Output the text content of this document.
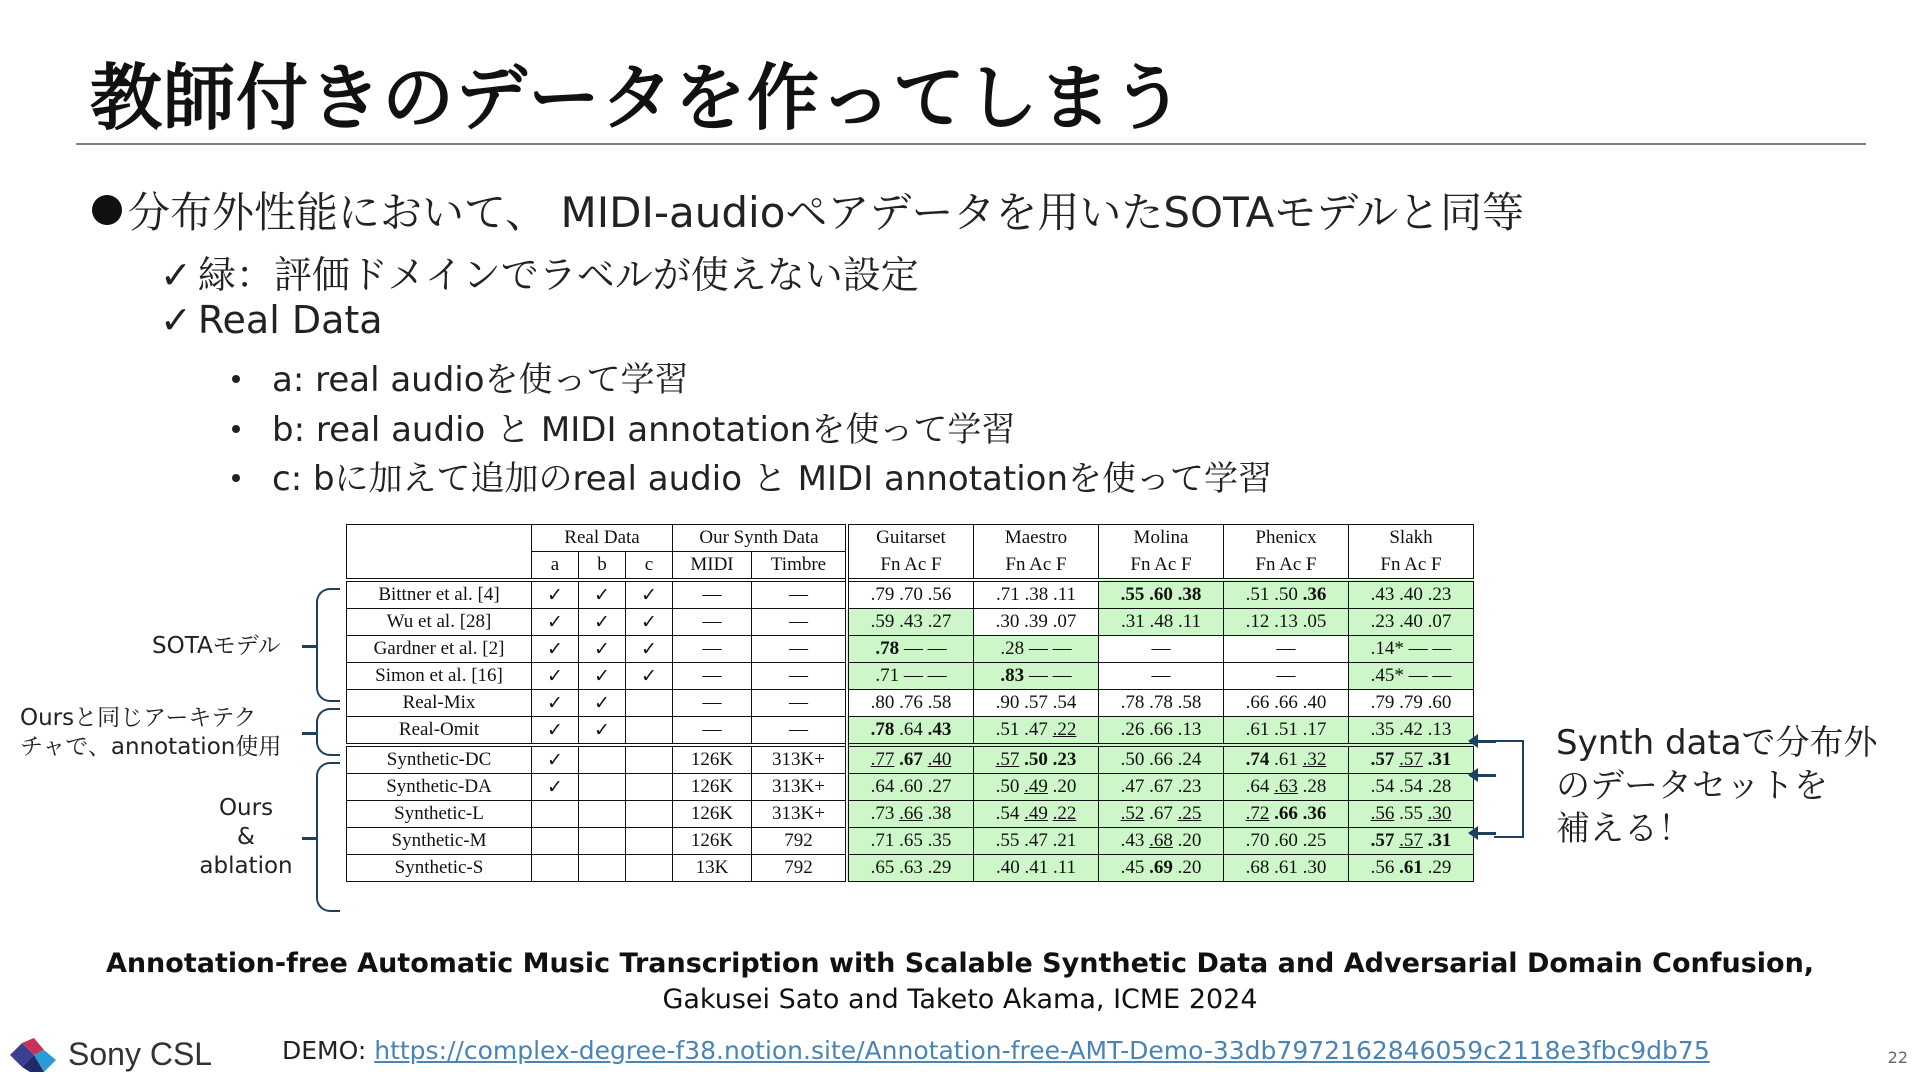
教師付きのデータを作ってしまう
分布外性能において、 MIDI-audioペアデータを用いたSOTAモデルと同等
✓ 緑：評価ドメインでラベルが使えない設定
✓ Real Data
a: real audioを使って学習
b: real audio と MIDI annotationを使って学習
c: bに加えて追加のreal audio と MIDI annotationを使って学習
	Real Data			Our Synth Data		Guitarset	Maestro	Molina	Phenicx	Slakh
	a	b	c	MIDI	Timbre	Fn Ac F	Fn Ac F	Fn Ac F	Fn Ac F	Fn Ac F
Bittner et al. [4]	✓	✓	✓	—	—	.79 .70 .56	.71 .38 .11	.55 .60 .38	.51 .50 .36	.43 .40 .23
Wu et al. [28]	✓	✓	✓	—	—	.59 .43 .27	.30 .39 .07	.31 .48 .11	.12 .13 .05	.23 .40 .07
Gardner et al. [2]	✓	✓	✓	—	—	.78 — —	.28 — —	—	—	.14* — —
Simon et al. [16]	✓	✓	✓	—	—	.71 — —	.83 — —	—	—	.45* — —
Real-Mix	✓	✓		—	—	.80 .76 .58	.90 .57 .54	.78 .78 .58	.66 .66 .40	.79 .79 .60
Real-Omit	✓	✓		—	—	.78 .64 .43	.51 .47 .22	.26 .66 .13	.61 .51 .17	.35 .42 .13
Synthetic-DC	✓			126K	313K+	.77 .67 .40	.57 .50 .23	.50 .66 .24	.74 .61 .32	.57 .57 .31
Synthetic-DA	✓			126K	313K+	.64 .60 .27	.50 .49 .20	.47 .67 .23	.64 .63 .28	.54 .54 .28
Synthetic-L				126K	313K+	.73 .66 .38	.54 .49 .22	.52 .67 .25	.72 .66 .36	.56 .55 .30
Synthetic-M				126K	792	.71 .65 .35	.55 .47 .21	.43 .68 .20	.70 .60 .25	.57 .57 .31
Synthetic-S				13K	792	.65 .63 .29	.40 .41 .11	.45 .69 .20	.68 .61 .30	.56 .61 .29
SOTAモデル
Oursと同じアーキテク
チャで、annotation使用
Ours
&
ablation
Synth dataで分布外
のデータセットを
補える！
Annotation-free Automatic Music Transcription with Scalable Synthetic Data and Adversarial Domain Confusion,
Gakusei Sato and Taketo Akama, ICME 2024
Sony CSL	DEMO: https://complex-degree-f38.notion.site/Annotation-free-AMT-Demo-33db7972162846059c2118e3fbc9db75	22
